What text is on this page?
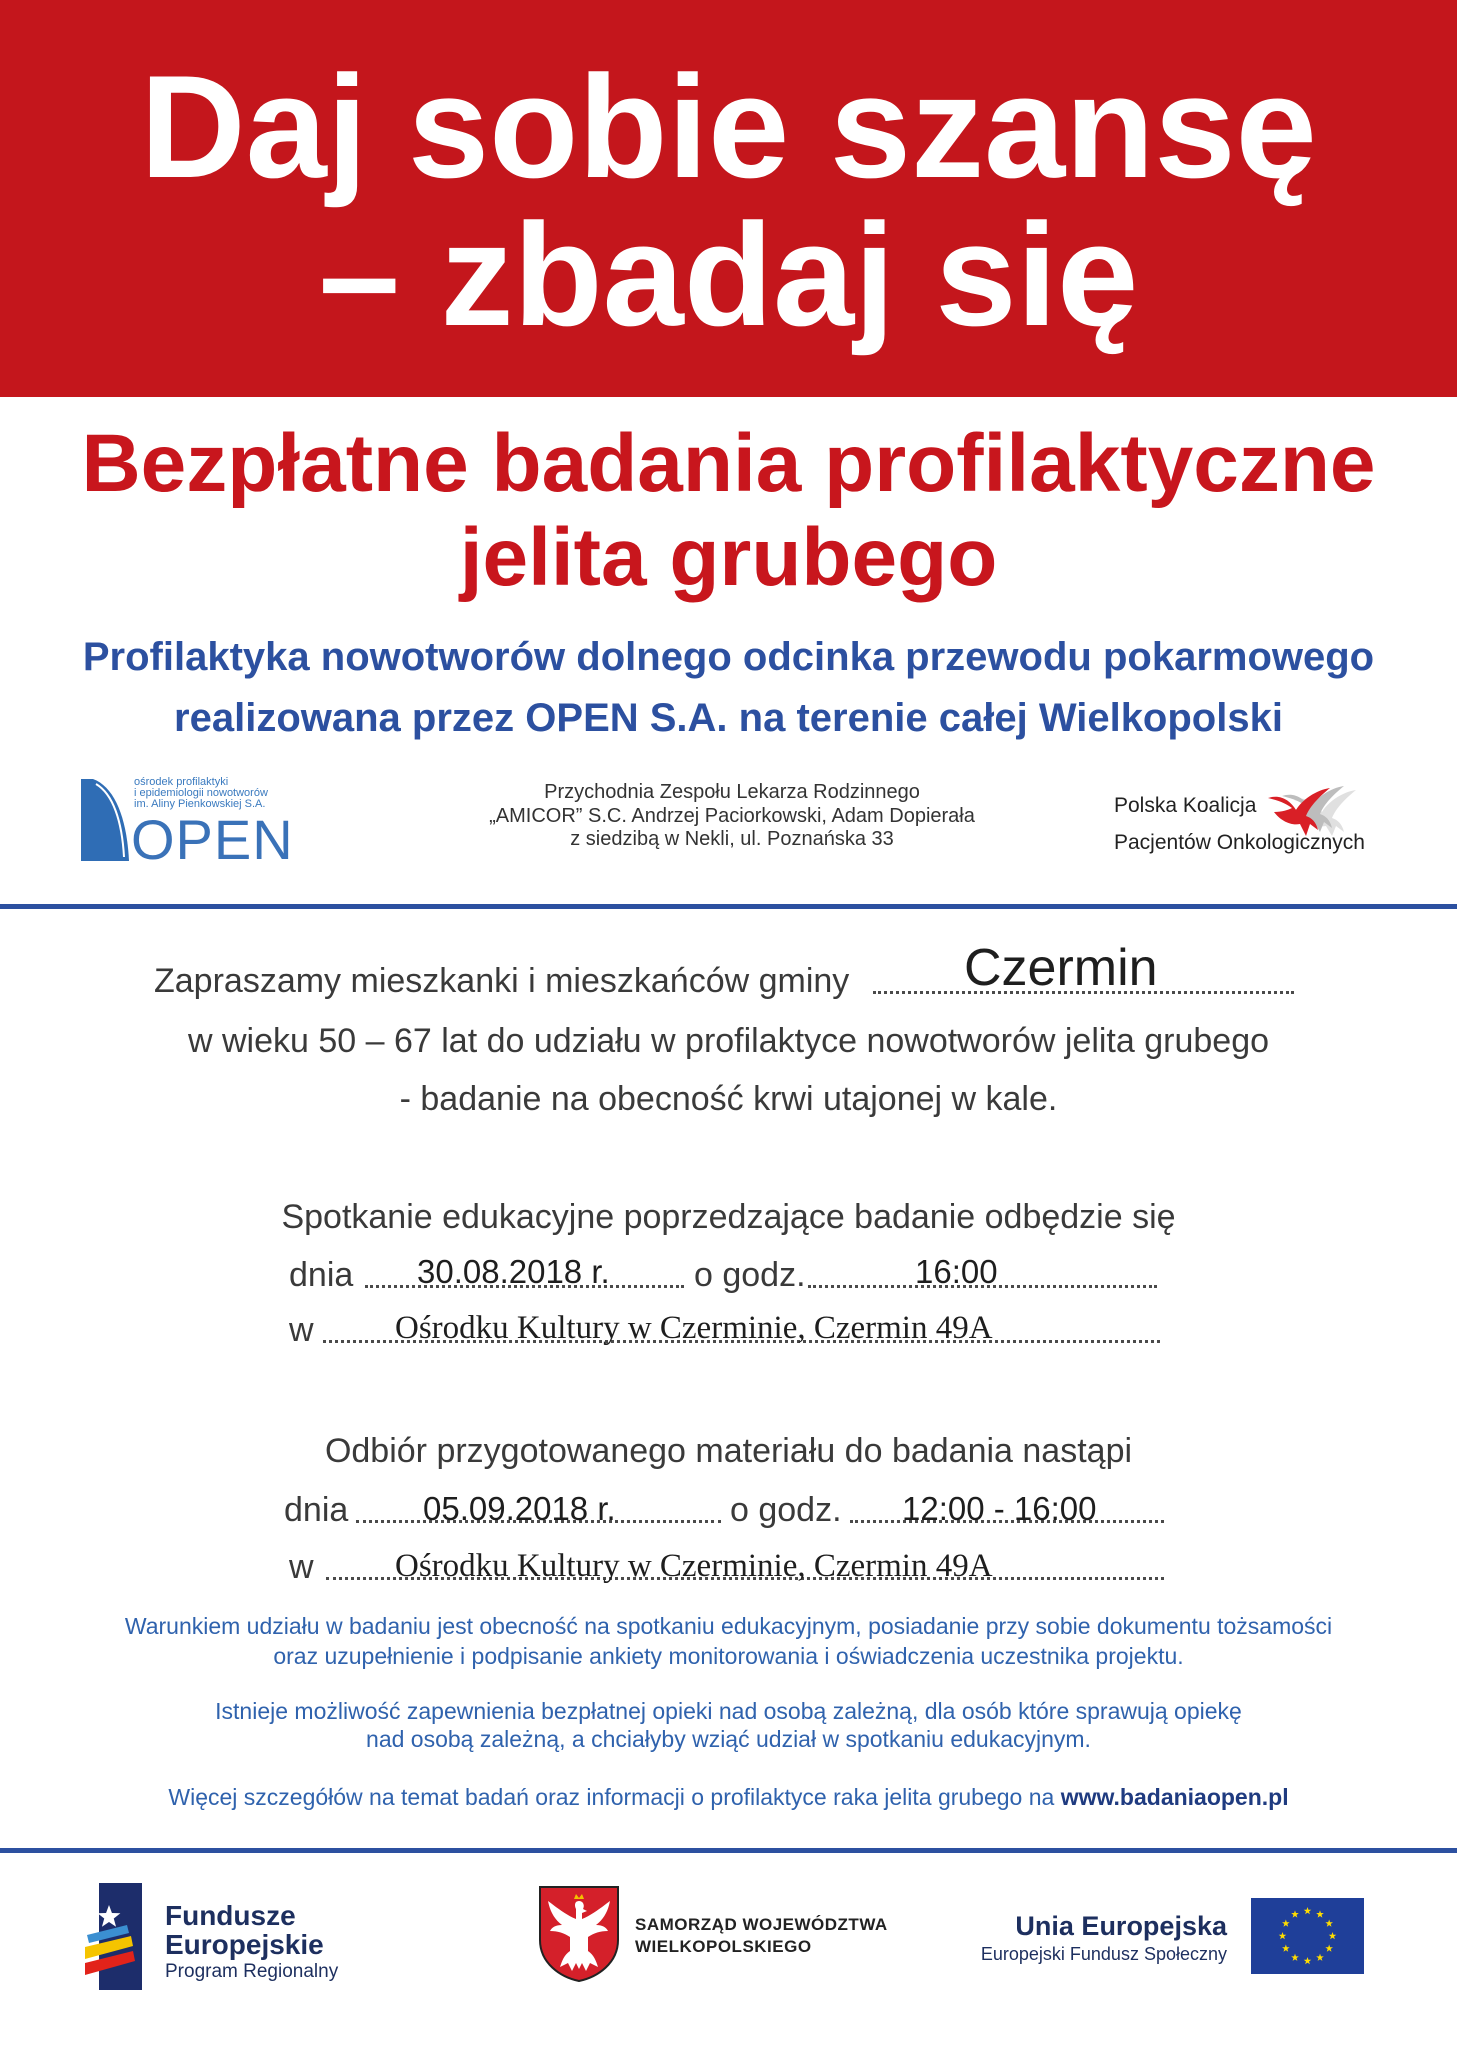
Daj sobie szansę
– zbadaj się
Bezpłatne badania profilaktyczne
jelita grubego
Profilaktyka nowotworów dolnego odcinka przewodu pokarmowego
realizowana przez OPEN S.A. na terenie całej Wielkopolski
ośrodek profilaktyki
i epidemiologii nowotworów
im. Aliny Pienkowskiej S.A.
OPEN
Przychodnia Zespołu Lekarza Rodzinnego
„AMICOR” S.C. Andrzej Paciorkowski, Adam Dopierała
z siedzibą w Nekli, ul. Poznańska 33
Polska Koalicja
Pacjentów Onkologicznych
Zapraszamy mieszkanki i mieszkańców gminy Czermin
w wieku 50 – 67 lat do udziału w profilaktyce nowotworów jelita grubego
- badanie na obecność krwi utajonej w kale.
Spotkanie edukacyjne poprzedzające badanie odbędzie się
dnia 30.08.2018 r. o godz.	16:00
w Ośrodku Kultury w Czerminie, Czermin 49A
Odbiór przygotowanego materiału do badania nastąpi
dnia 05.09.2018 r.	o godz. 12:00 - 16:00
w Ośrodku Kultury w Czerminie, Czermin 49A
Warunkiem udziału w badaniu jest obecność na spotkaniu edukacyjnym, posiadanie przy sobie dokumentu tożsamości
oraz uzupełnienie i podpisanie ankiety monitorowania i oświadczenia uczestnika projektu.
Istnieje możliwość zapewnienia bezpłatnej opieki nad osobą zależną, dla osób które sprawują opiekę
nad osobą zależną, a chciałyby wziąć udział w spotkaniu edukacyjnym.
Więcej szczegółów na temat badań oraz informacji o profilaktyce raka jelita grubego na www.badaniaopen.pl
Fundusze
Europejskie
Program Regionalny
SAMORZĄD WOJEWÓDZTWA
WIELKOPOLSKIEGO
Unia Europejska
Europejski Fundusz Społeczny
